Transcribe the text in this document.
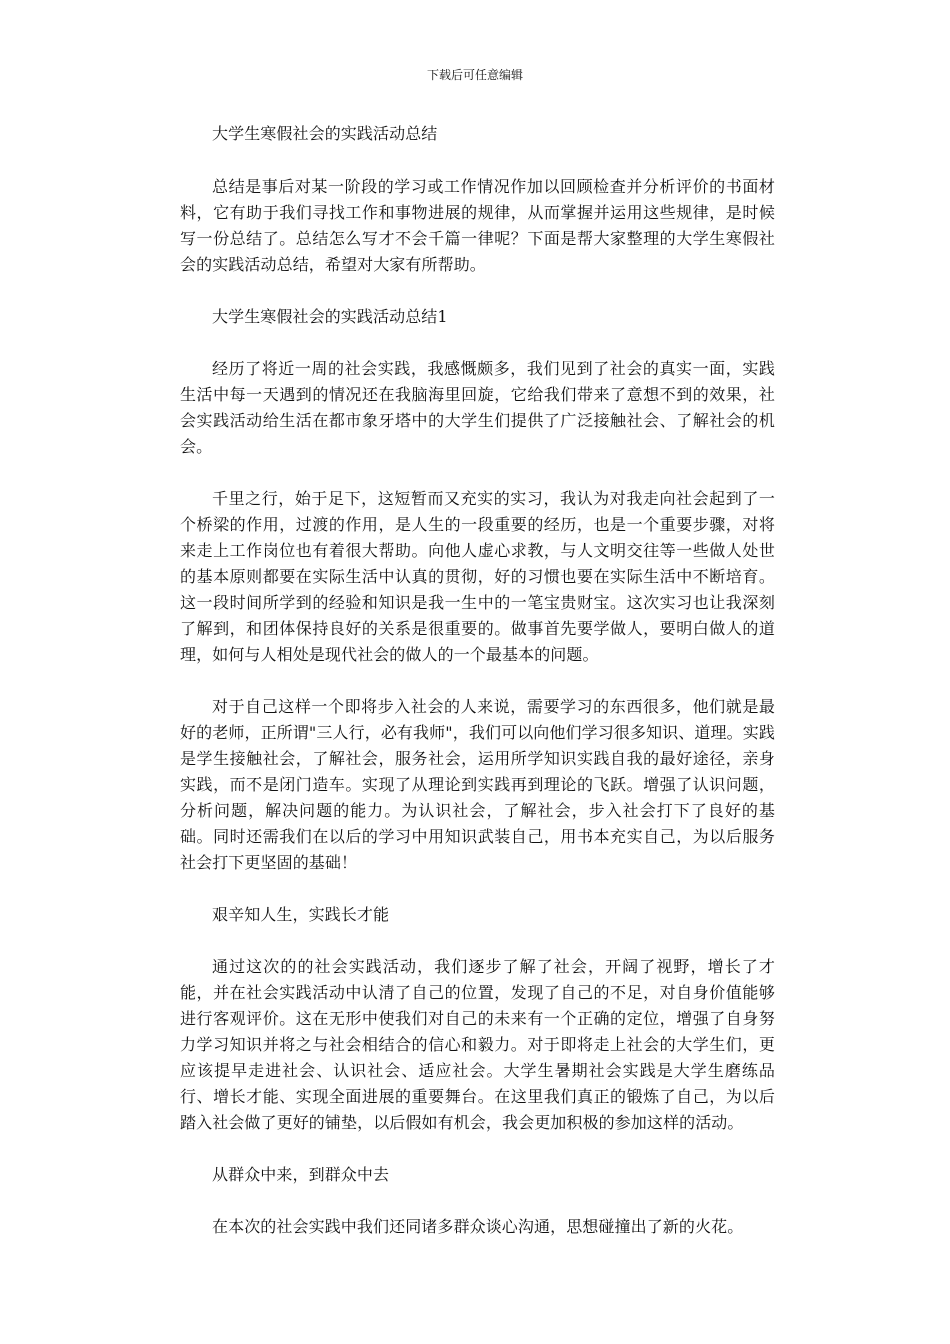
下载后可任意编辑
大学生寒假社会的实践活动总结

总结是事后对某一阶段的学习或工作情况作加以回顾检查并分析评价的书面材料，它有助于我们寻找工作和事物进展的规律，从而掌握并运用这些规律，是时候写一份总结了。总结怎么写才不会千篇一律呢？下面是帮大家整理的大学生寒假社会的实践活动总结，希望对大家有所帮助。

大学生寒假社会的实践活动总结1

经历了将近一周的社会实践，我感慨颇多，我们见到了社会的真实一面，实践生活中每一天遇到的情况还在我脑海里回旋，它给我们带来了意想不到的效果，社会实践活动给生活在都市象牙塔中的大学生们提供了广泛接触社会、了解社会的机会。

千里之行，始于足下，这短暂而又充实的实习，我认为对我走向社会起到了一个桥梁的作用，过渡的作用，是人生的一段重要的经历，也是一个重要步骤，对将来走上工作岗位也有着很大帮助。向他人虚心求教，与人文明交往等一些做人处世的基本原则都要在实际生活中认真的贯彻，好的习惯也要在实际生活中不断培育。这一段时间所学到的经验和知识是我一生中的一笔宝贵财宝。这次实习也让我深刻了解到，和团体保持良好的关系是很重要的。做事首先要学做人，要明白做人的道理，如何与人相处是现代社会的做人的一个最基本的问题。

对于自己这样一个即将步入社会的人来说，需要学习的东西很多，他们就是最好的老师，正所谓"三人行，必有我师"，我们可以向他们学习很多知识、道理。实践是学生接触社会，了解社会，服务社会，运用所学知识实践自我的最好途径，亲身实践，而不是闭门造车。实现了从理论到实践再到理论的飞跃。增强了认识问题，分析问题，解决问题的能力。为认识社会，了解社会，步入社会打下了良好的基础。同时还需我们在以后的学习中用知识武装自己，用书本充实自己，为以后服务社会打下更坚固的基础！

艰辛知人生，实践长才能

通过这次的的社会实践活动，我们逐步了解了社会，开阔了视野，增长了才能，并在社会实践活动中认清了自己的位置，发现了自己的不足，对自身价值能够进行客观评价。这在无形中使我们对自己的未来有一个正确的定位，增强了自身努力学习知识并将之与社会相结合的信心和毅力。对于即将走上社会的大学生们，更应该提早走进社会、认识社会、适应社会。大学生暑期社会实践是大学生磨练品行、增长才能、实现全面进展的重要舞台。在这里我们真正的锻炼了自己，为以后踏入社会做了更好的铺垫，以后假如有机会，我会更加积极的参加这样的活动。

从群众中来，到群众中去

在本次的社会实践中我们还同诸多群众谈心沟通，思想碰撞出了新的火花。
